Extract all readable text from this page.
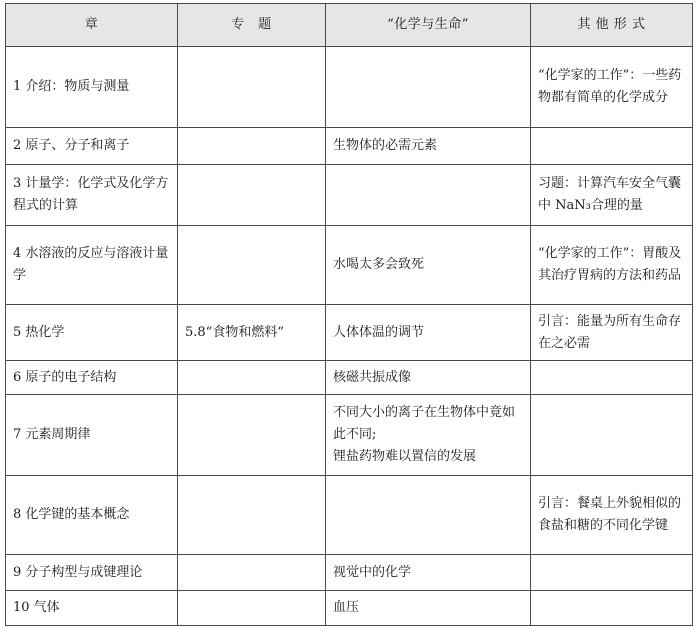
章	专　题	“化学与生命”	其 他 形 式
1 介绍：物质与测量			“化学家的工作”：一些药物都有简单的化学成分
2 原子、分子和离子		生物体的必需元素	
3 计量学：化学式及化学方程式的计算			习题：计算汽车安全气囊中 NaN₃合理的量
4 水溶液的反应与溶液计量学		水喝太多会致死	“化学家的工作”：胃酸及其治疗胃病的方法和药品
5 热化学	5.8“食物和燃料”	人体体温的调节	引言：能量为所有生命存在之必需
6 原子的电子结构		核磁共振成像	
7 元素周期律		不同大小的离子在生物体中竟如此不同;
锂盐药物难以置信的发展	
8 化学键的基本概念			引言：餐桌上外貌相似的食盐和糖的不同化学键
9 分子构型与成键理论		视觉中的化学	
10 气体		血压	
